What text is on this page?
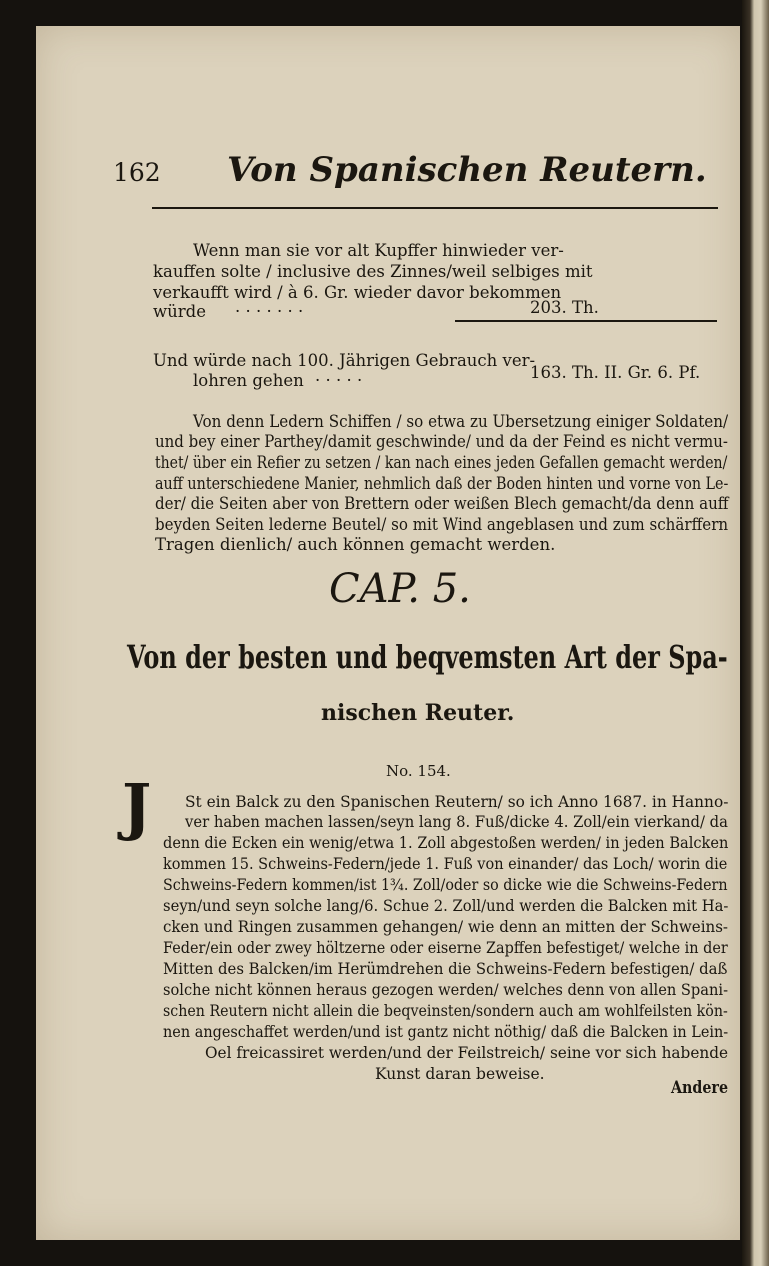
162 Von Spanischen Reutern.
Wenn man sie vor alt Kupffer hinwieder ver-
kauffen solte / inclusive des Zinnes/weil selbiges mit
verkaufft wird / à 6. Gr. wieder davor bekommen
würde · · · · · · ·	203. Th.
Und würde nach 100. Jährigen Gebrauch ver-
lohren gehen · · · · ·	163. Th. II. Gr. 6. Pf.
Von denn Ledern Schiffen / so etwa zu Ubersetzung einiger Soldaten/
und bey einer Parthey/damit geschwinde/ und da der Feind es nicht vermu-
thet/ über ein Refier zu setzen / kan nach eines jeden Gefallen gemacht werden/
auff unterschiedene Manier, nehmlich daß der Boden hinten und vorne von Le-
der/ die Seiten aber von Brettern oder weißen Blech gemacht/da denn auff
beyden Seiten lederne Beutel/ so mit Wind angeblasen und zum schärffern
Tragen dienlich/ auch können gemacht werden.
CAP. 5.
Von der besten und beqvemsten Art der Spa-
nischen Reuter.
No. 154.
J St ein Balck zu den Spanischen Reutern/ so ich Anno 1687. in Hanno-
ver haben machen lassen/seyn lang 8. Fuß/dicke 4. Zoll/ein vierkand/ da
denn die Ecken ein wenig/etwa 1. Zoll abgestoßen werden/ in jeden Balcken
kommen 15. Schweins-Federn/jede 1. Fuß von einander/ das Loch/ worin die
Schweins-Federn kommen/ist 1¾. Zoll/oder so dicke wie die Schweins-Federn
seyn/und seyn solche lang/6. Schue 2. Zoll/und werden die Balcken mit Ha-
cken und Ringen zusammen gehangen/ wie denn an mitten der Schweins-
Feder/ein oder zwey höltzerne oder eiserne Zapffen befestiget/ welche in der
Mitten des Balcken/im Herümdrehen die Schweins-Federn befestigen/ daß
solche nicht können heraus gezogen werden/ welches denn von allen Spani-
schen Reutern nicht allein die beqveinsten/sondern auch am wohlfeilsten kön-
nen angeschaffet werden/und ist gantz nicht nöthig/ daß die Balcken in Lein-
Oel freicassiret werden/und der Feilstreich/ seine vor sich habende
Kunst daran beweise.
Andere
